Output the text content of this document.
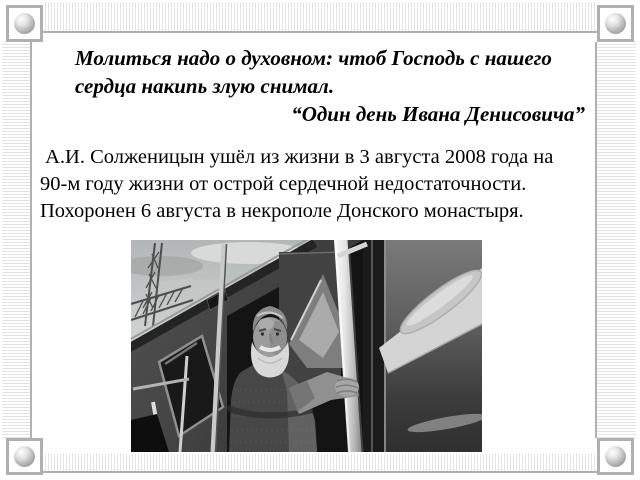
Молиться надо о духовном: чтоб Господь с нашего
сердца накипь злую снимал.
“Один день Ивана Денисовича”
А.И. Солженицын ушёл из жизни в 3 августа 2008 года на
90-м году жизни от острой сердечной недостаточности.
Похоронен 6 августа в некрополе Донского монастыря.
